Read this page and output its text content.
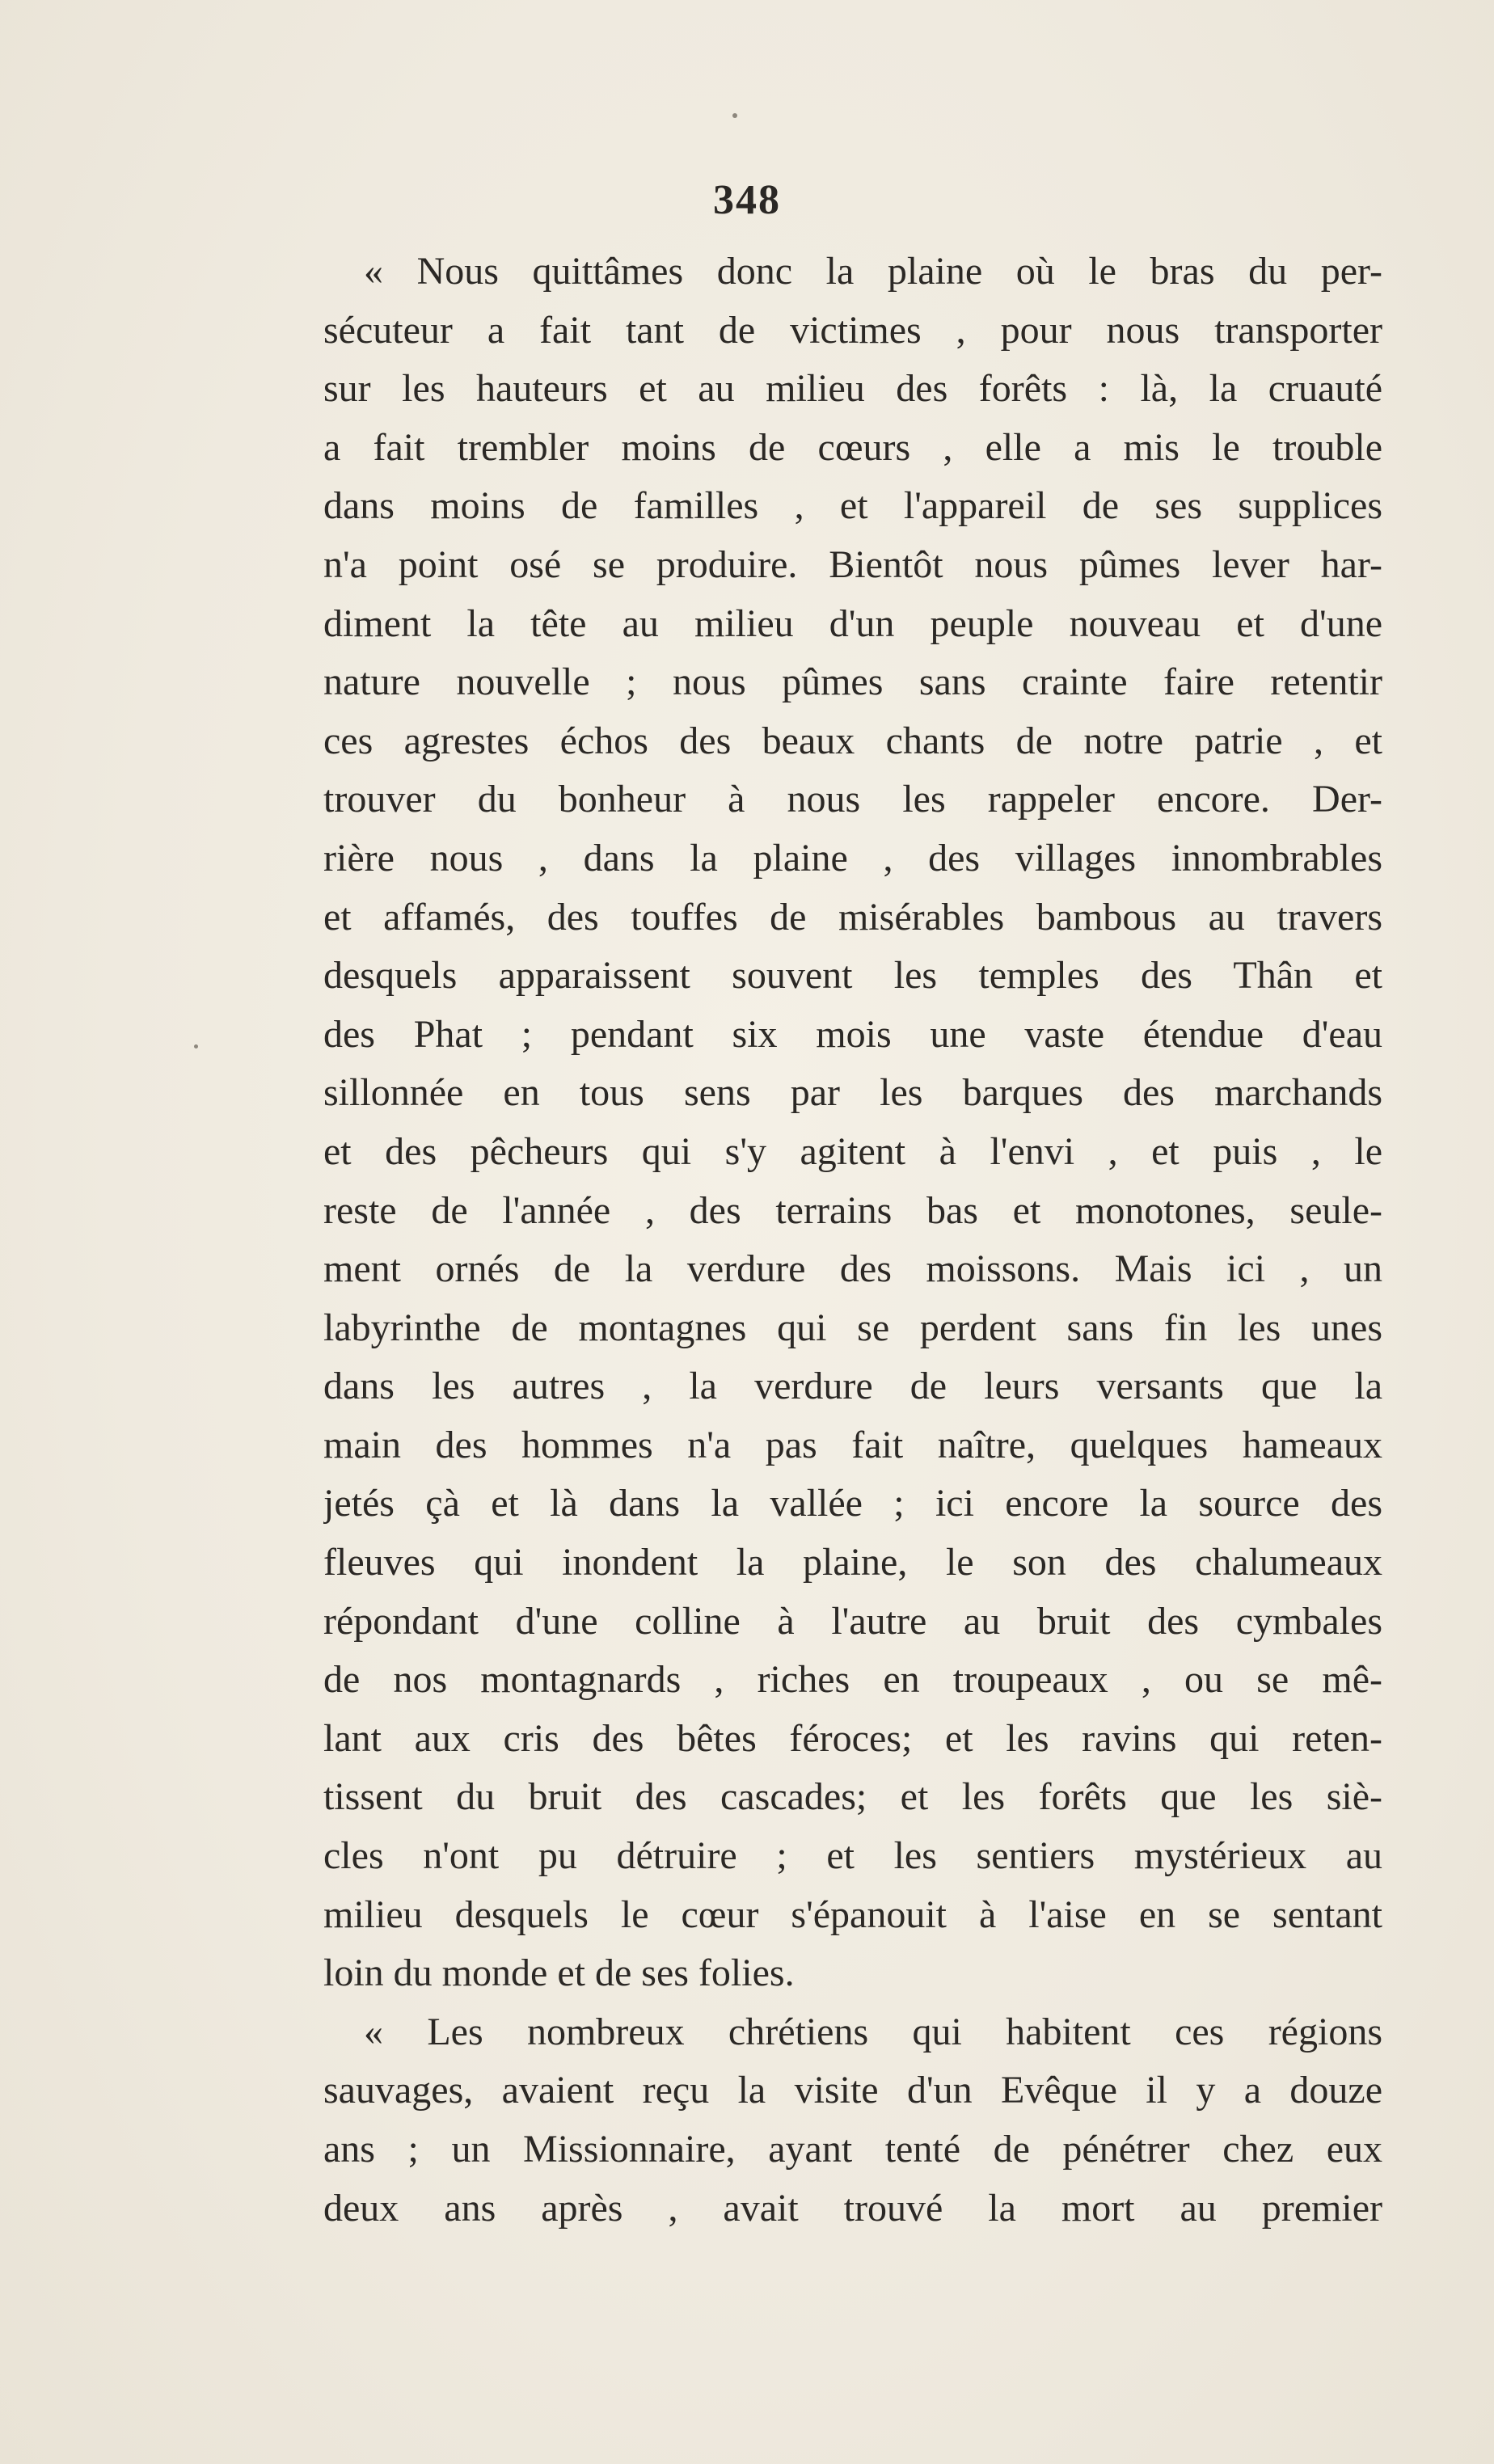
348
« Nous quittâmes donc la plaine où le bras du per-
sécuteur a fait tant de victimes , pour nous transporter
sur les hauteurs et au milieu des forêts : là, la cruauté
a fait trembler moins de cœurs , elle a mis le trouble
dans moins de familles , et l'appareil de ses supplices
n'a point osé se produire. Bientôt nous pûmes lever har-
diment la tête au milieu d'un peuple nouveau et d'une
nature nouvelle ; nous pûmes sans crainte faire retentir
ces agrestes échos des beaux chants de notre patrie , et
trouver du bonheur à nous les rappeler encore. Der-
rière nous , dans la plaine , des villages innombrables
et affamés, des touffes de misérables bambous au travers
desquels apparaissent souvent les temples des Thân et
des Phat ; pendant six mois une vaste étendue d'eau
sillonnée en tous sens par les barques des marchands
et des pêcheurs qui s'y agitent à l'envi , et puis , le
reste de l'année , des terrains bas et monotones, seule-
ment ornés de la verdure des moissons. Mais ici , un
labyrinthe de montagnes qui se perdent sans fin les unes
dans les autres , la verdure de leurs versants que la
main des hommes n'a pas fait naître, quelques hameaux
jetés çà et là dans la vallée ; ici encore la source des
fleuves qui inondent la plaine, le son des chalumeaux
répondant d'une colline à l'autre au bruit des cymbales
de nos montagnards , riches en troupeaux , ou se mê-
lant aux cris des bêtes féroces; et les ravins qui reten-
tissent du bruit des cascades; et les forêts que les siè-
cles n'ont pu détruire ; et les sentiers mystérieux au
milieu desquels le cœur s'épanouit à l'aise en se sentant
loin du monde et de ses folies.
« Les nombreux chrétiens qui habitent ces régions
sauvages, avaient reçu la visite d'un Evêque il y a douze
ans ; un Missionnaire, ayant tenté de pénétrer chez eux
deux ans après , avait trouvé la mort au premier
